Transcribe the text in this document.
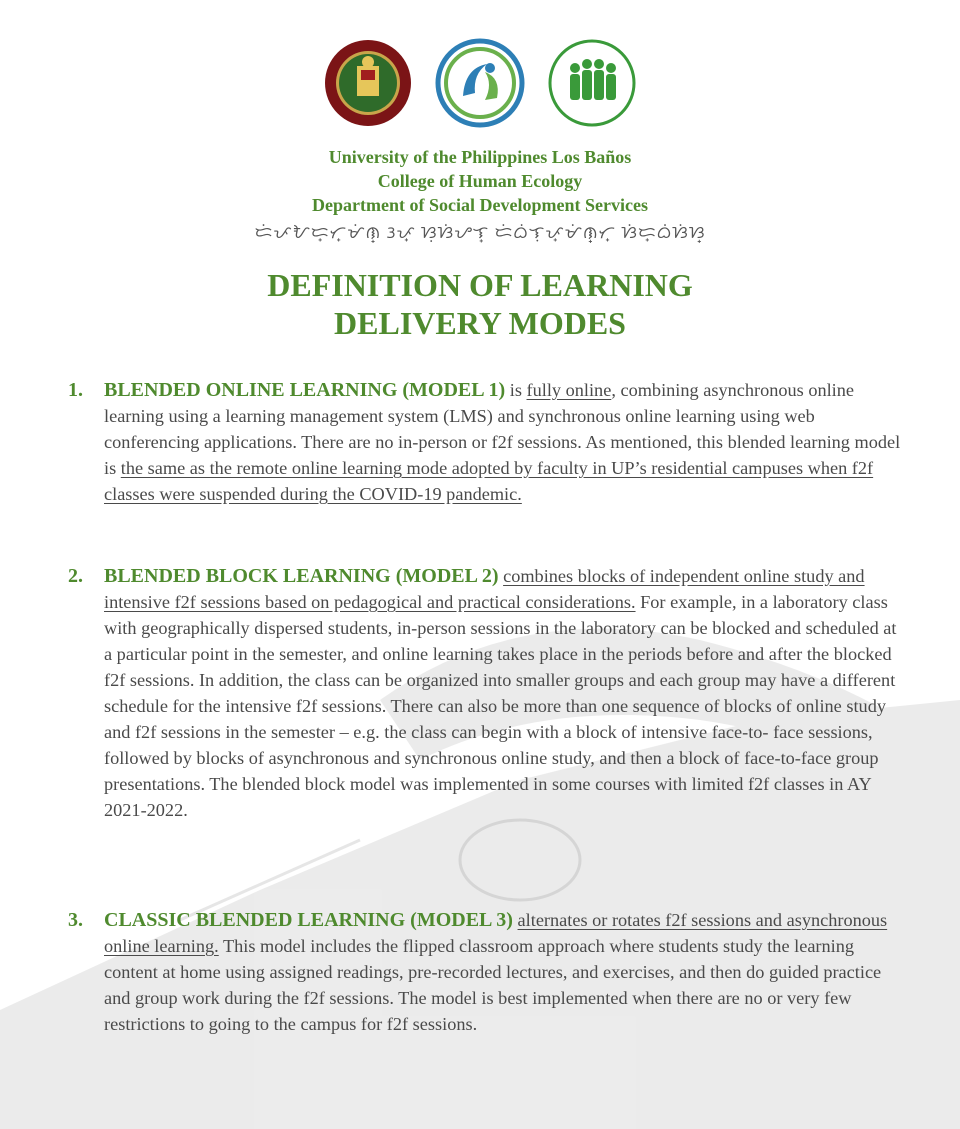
University of the Philippines Los Baños
College of Human Ecology
Department of Social Development Services
ᜇᜒᜉᜀᜇ᜔ᜆ᜔ᜋᜒᜈ᜔ ᜂᜉ᜔ ᜐᜓᜐᜒᜌᜎ᜔ ᜇᜒᜊᜒᜎᜓᜉ᜔ᜋᜒᜈ᜔ᜆ᜔ ᜐᜒᜇ᜔ᜊᜒᜐᜒᜐ᜔
DEFINITION OF LEARNING
DELIVERY MODES
1. BLENDED ONLINE LEARNING (MODEL 1) is fully online, combining asynchronous online learning using a learning management system (LMS) and synchronous online learning using web conferencing applications. There are no in-person or f2f sessions. As mentioned, this blended learning model is the same as the remote online learning mode adopted by faculty in UP’s residential campuses when f2f classes were suspended during the COVID-19 pandemic.
2. BLENDED BLOCK LEARNING (MODEL 2) combines blocks of independent online study and intensive f2f sessions based on pedagogical and practical considerations. For example, in a laboratory class with geographically dispersed students, in-person sessions in the laboratory can be blocked and scheduled at a particular point in the semester, and online learning takes place in the periods before and after the blocked f2f sessions. In addition, the class can be organized into smaller groups and each group may have a different schedule for the intensive f2f sessions. There can also be more than one sequence of blocks of online study and f2f sessions in the semester – e.g. the class can begin with a block of intensive face-to- face sessions, followed by blocks of asynchronous and synchronous online study, and then a block of face-to-face group presentations. The blended block model was implemented in some courses with limited f2f classes in AY 2021-2022.
3. CLASSIC BLENDED LEARNING (MODEL 3) alternates or rotates f2f sessions and asynchronous online learning. This model includes the flipped classroom approach where students study the learning content at home using assigned readings, pre-recorded lectures, and exercises, and then do guided practice and group work during the f2f sessions. The model is best implemented when there are no or very few restrictions to going to the campus for f2f sessions.
